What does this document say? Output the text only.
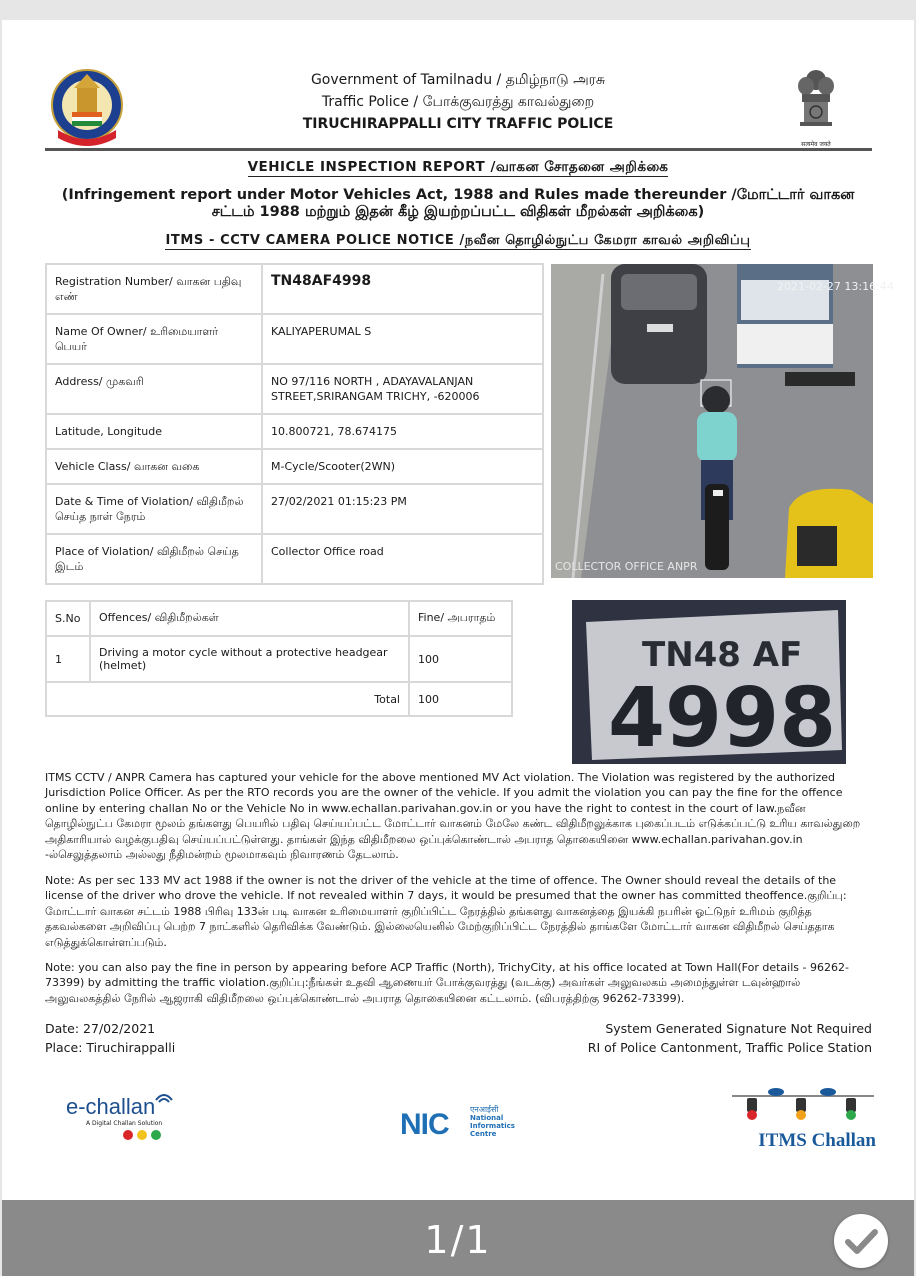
सत्यमेव जयते
Government of Tamilnadu / தமிழ்நாடு அரசு
Traffic Police / போக்குவரத்து காவல்துறை
TIRUCHIRAPPALLI CITY TRAFFIC POLICE
VEHICLE INSPECTION REPORT /வாகன சோதனை அறிக்கை
(Infringement report under Motor Vehicles Act, 1988 and Rules made thereunder /மோட்டார் வாகன சட்டம் 1988 மற்றும் இதன் கீழ் இயற்றப்பட்ட விதிகள் மீறல்கள் அறிக்கை)
ITMS - CCTV CAMERA POLICE NOTICE /நவீன தொழில்நுட்ப கேமரா காவல் அறிவிப்பு
Registration Number/ வாகன பதிவு எண்	TN48AF4998
Name Of Owner/ உரிமையாளர் பெயர்	KALIYAPERUMAL S
Address/ முகவரி	NO 97/116 NORTH , ADAYAVALANJAN STREET,SRIRANGAM TRICHY, -620006
Latitude, Longitude	10.800721, 78.674175
Vehicle Class/ வாகன வகை	M-Cycle/Scooter(2WN)
Date & Time of Violation/ விதிமீறல் செய்த நாள் நேரம்	27/02/2021 01:15:23 PM
Place of Violation/ விதிமீறல் செய்த இடம்	Collector Office road
2021-02-27 13:16:44
COLLECTOR OFFICE ANPR
S.No	Offences/ விதிமீறல்கள்	Fine/ அபராதம்
1	Driving a motor cycle without a protective headgear (helmet)	100
Total		100
TN48 AF
4998
ITMS CCTV / ANPR Camera has captured your vehicle for the above mentioned MV Act violation. The Violation was registered by the authorized Jurisdiction Police Officer. As per the RTO records you are the owner of the vehicle. If you admit the violation you can pay the fine for the offence online by entering challan No or the Vehicle No in www.echallan.parivahan.gov.in or you have the right to contest in the court of law.நவீன தொழில்நுட்ப கேமரா மூலம் தங்களது பெயரில் பதிவு செய்யப்பட்ட மோட்டார் வாகனம் மேலே கண்ட விதிமீறலுக்காக புகைப்படம் எடுக்கப்பட்டு உரிய காவல்துறை அதிகாரியால் வழக்குபதிவு செய்யப்பட்டுள்ளது. தாங்கள் இந்த விதிமீறலை ஒப்புக்கொண்டால் அபராத தொகையினை www.echallan.parivahan.gov.in -ல்செலுத்தலாம் அல்லது நீதிமன்றம் மூலமாகவும் நிவாரணம் தேடலாம்.
Note: As per sec 133 MV act 1988 if the owner is not the driver of the vehicle at the time of offence. The Owner should reveal the details of the license of the driver who drove the vehicle. If not revealed within 7 days, it would be presumed that the owner has committed theoffence.குறிப்பு: மோட்டார் வாகன சட்டம் 1988 பிரிவு 133ன் படி வாகன உரிமையாளர் குறிப்பிட்ட நேரத்தில் தங்களது வாகனத்தை இயக்கி நபரின் ஓட்டுநர் உரிமம் குறித்த தகவல்களை அறிவிப்பு பெற்ற 7 நாட்களில் தெரிவிக்க வேண்டும். இல்லையெனில் மேற்குறிப்பிட்ட நேரத்தில் தாங்களே மோட்டார் வாகன விதிமீறல் செய்ததாக எடுத்துக்கொள்ளப்படும்.
Note: you can also pay the fine in person by appearing before ACP Traffic (North), TrichyCity, at his office located at Town Hall(For details - 96262-73399) by admitting the traffic violation.குறிப்பு:நீங்கள் உதவி ஆணையர் போக்குவரத்து (வடக்கு) அவர்கள் அலுவலகம் அமைந்துள்ள டவுன்ஹால் அலுவலகத்தில் நேரில் ஆஜராகி விதிமீறலை ஒப்புக்கொண்டால் அபராத தொகையினை கட்டலாம். (விபரத்திற்கு 96262-73399).
Date: 27/02/2021
Place: Tiruchirappalli
System Generated Signature Not Required
RI of Police Cantonment, Traffic Police Station
e-challan
A Digital Challan Solution	NIC	एनआईसी
National
Informatics
Centre	ITMS Challan
1/1
